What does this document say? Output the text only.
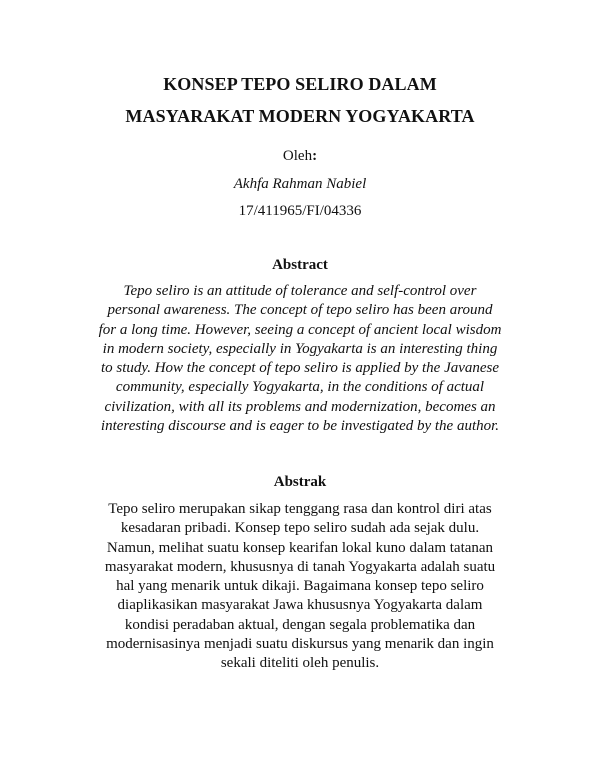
KONSEP TEPO SELIRO DALAM
MASYARAKAT MODERN YOGYAKARTA
Oleh:
Akhfa Rahman Nabiel
17/411965/FI/04336
Abstract
Tepo seliro is an attitude of tolerance and self-control over
personal awareness. The concept of tepo seliro has been around
for a long time. However, seeing a concept of ancient local wisdom
in modern society, especially in Yogyakarta is an interesting thing
to study. How the concept of tepo seliro is applied by the Javanese
community, especially Yogyakarta, in the conditions of actual
civilization, with all its problems and modernization, becomes an
interesting discourse and is eager to be investigated by the author.
Abstrak
Tepo seliro merupakan sikap tenggang rasa dan kontrol diri atas
kesadaran pribadi. Konsep tepo seliro sudah ada sejak dulu.
Namun, melihat suatu konsep kearifan lokal kuno dalam tatanan
masyarakat modern, khususnya di tanah Yogyakarta adalah suatu
hal yang menarik untuk dikaji. Bagaimana konsep tepo seliro
diaplikasikan masyarakat Jawa khususnya Yogyakarta dalam
kondisi peradaban aktual, dengan segala problematika dan
modernisasinya menjadi suatu diskursus yang menarik dan ingin
sekali diteliti oleh penulis.
